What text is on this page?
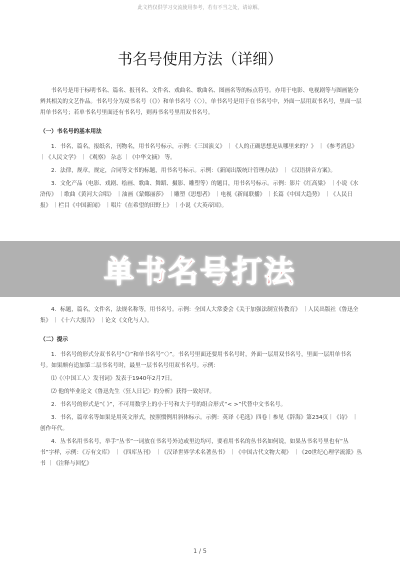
此文档仅供学习交流使用参考，若有不当之处，请谅解。
书名号使用方法（详细）

书名号是用于标明书名、篇名、报刊名、文件名、戏曲名、歌曲名、图画名等的标点符号。亦用于电影、电视剧等与图画能分辨其相关的文艺作品。书名号分为双书名号（《》）和单书名号（〈〉），单书名号是用于在书名号中，外面一层用双书名号，里面一层用单书名号；若单书名号里面还有书名号，则再书名号里用双书名号。

（一）书名号的基本用法

1．书名，篇名，报纸名，刊物名，用书名号标示，示例：《三国演义》 ｜《人的正确思想是从哪里来的？》 ｜《参考消息》 ｜《人民文学》 ｜《观察》 杂志 ｜《中华文摘》 等。

2．法律，规章，规定，合同等文书的标题，用书名号标示。示例：《新闻出版统计管理办法》 ｜《汉语拼音方案》。

3．文化产品（电影、戏剧、绘画、歌曲、舞蹈、摄影、雕塑等）的题目，用书名号标示。示例：影片《红高粱》 ｜小说《水浒传》 ｜歌曲《黄河大合唱》 ｜油画《蒙娜丽莎》 ｜雕塑《思想者》 ｜电视《新闻联播》 ｜长篇《中国大趋势》 ｜《人民日报》 ｜栏目《中国新闻》 ｜唱片《在希望的田野上》 ｜小说《大英帝国》。

4．标题，篇名，文件名，法规名称等，用书名号。示例：全国人大常委会《关于加强法制宣传教育》 ｜人民出版社《鲁迅全集》 ｜《十六大报告》 ｜论文《文化与人》。

（二）提示

1．书名号的形式分双书名号“《》”和单书名号“〈〉”。书名号里面还要用书名号时，外面一层用双书名号，里面一层用单书名号。如果颇有追加第二层书名号时，最里一层书名号用双书名号。示例：

⑴《〈中国工人〉发刊词》发表于1940年2月7日。

⑵ 他的毕业论文《鲁迅先生〈狂人日记〉的分析》获得一致好评。

2．书名号的形式是“《 》”，不可用数学上的小于号和大于号的组合形式“< >”代替中文书名号。

3．书名，篇章名等如果是用英文形式，按照惯例用斜体标示。示例：英译《毛选》四卷｜参见《辞海》第234页｜《诗》 ｜创作年代。

4．丛书名用书名号，举手“丛书”一词放在书名号外边或里边均可，要看用书名的丛书名如何说，如果丛书名号里也有“丛书”字样，示例：《万有文库》 ｜《四库丛刊》 ｜《汉译世界学术名著丛书》 ｜《中国古代文物大观》 ｜《20世纪心理学流派》丛书 ｜《注释与回忆》

单书名号打法
1 / 5
